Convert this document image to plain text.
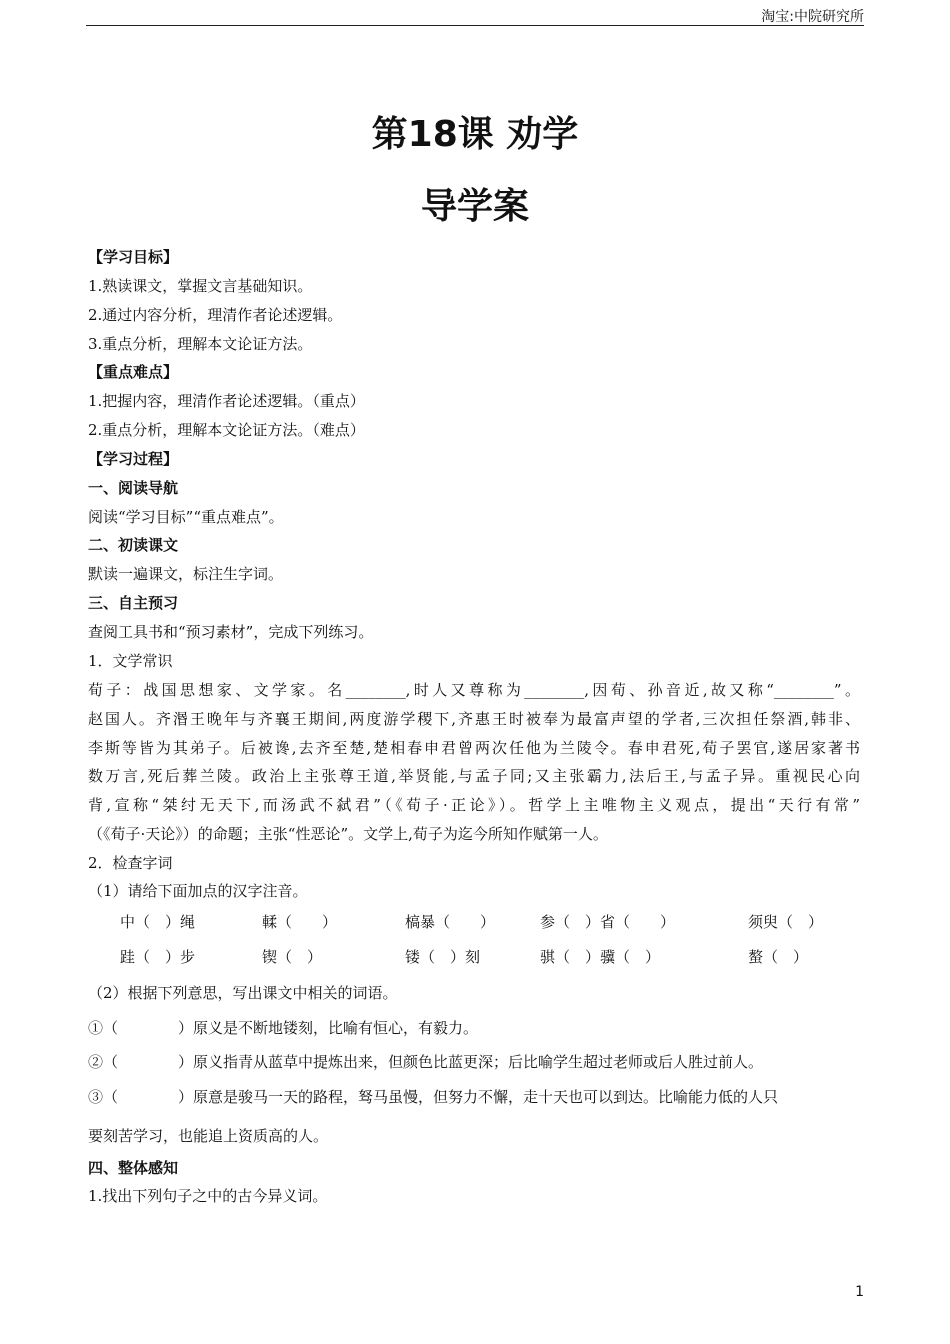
淘宝:中院研究所
第18课 劝学
导学案
【学习目标】
1.熟读课文，掌握文言基础知识。
2.通过内容分析，理清作者论述逻辑。
3.重点分析，理解本文论证方法。
【重点难点】
1.把握内容，理清作者论述逻辑。（重点）
2.重点分析，理解本文论证方法。（难点）
【学习过程】
一、阅读导航
阅读“学习目标”“重点难点”。
二、初读课文
默读一遍课文，标注生字词。
三、自主预习
查阅工具书和“预习素材”，完成下列练习。
1．文学常识
荀子：战国思想家、文学家。名________,时人又尊称为________,因荀、孙音近,故又称“________”。
赵国人。齐湣王晚年与齐襄王期间,两度游学稷下,齐惠王时被奉为最富声望的学者,三次担任祭酒,韩非、
李斯等皆为其弟子。后被谗,去齐至楚,楚相春申君曾两次任他为兰陵令。春申君死,荀子罢官,遂居家著书
数万言,死后葬兰陵。政治上主张尊王道,举贤能,与孟子同;又主张霸力,法后王,与孟子异。重视民心向
背,宣称“桀纣无天下,而汤武不弑君”（《荀子·正论》）。哲学上主唯物主义观点，提出“天行有常”
（《荀子·天论》）的命题；主张“性恶论”。文学上,荀子为迄今所知作赋第一人。
2．检查字词
（1）请给下面加点的汉字注音。
中（　）绳	輮（　　）	槁暴（　　）	参（　）省（　　）	须臾（　）
跬（　）步	锲（　）	镂（　）刻	骐（　）骥（　）	螯（　）
（2）根据下列意思，写出课文中相关的词语。
①（　　　　）原义是不断地镂刻，比喻有恒心，有毅力。
②（　　　　）原义指青从蓝草中提炼出来，但颜色比蓝更深；后比喻学生超过老师或后人胜过前人。
③（　　　　）原意是骏马一天的路程，驽马虽慢，但努力不懈，走十天也可以到达。比喻能力低的人只
要刻苦学习，也能追上资质高的人。
四、整体感知
1.找出下列句子之中的古今异义词。
1
